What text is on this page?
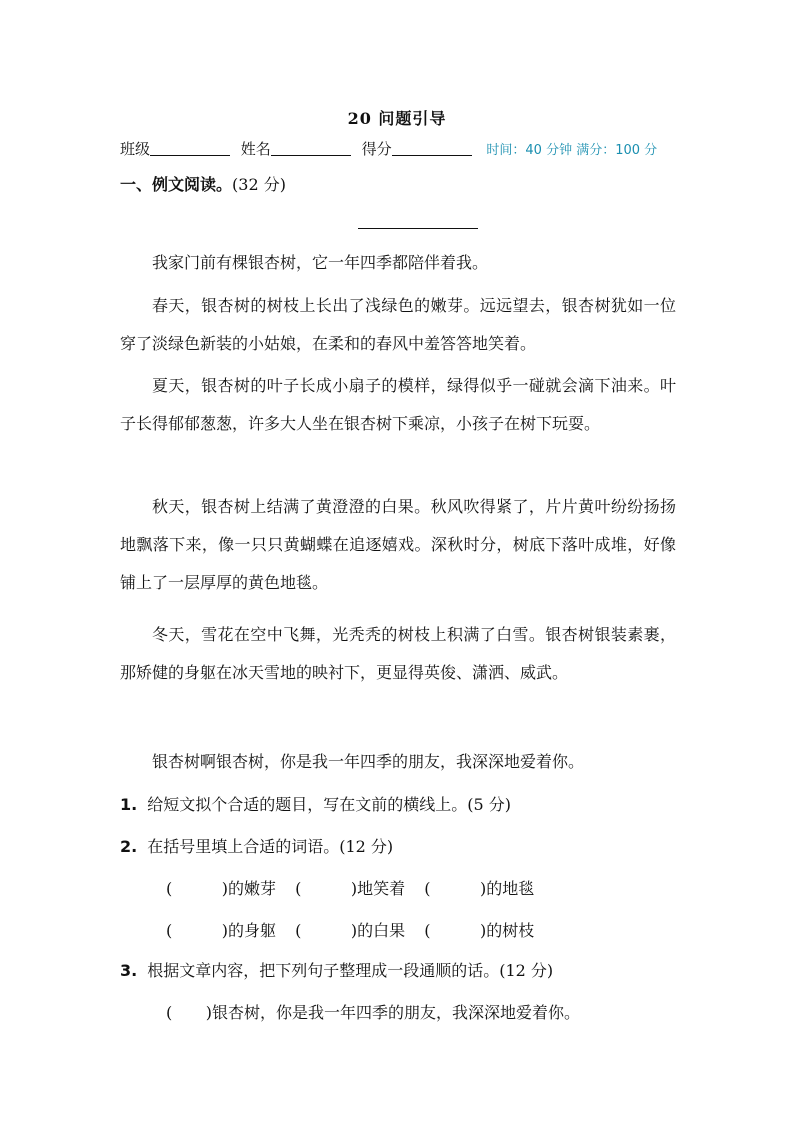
20 问题引导
班级	姓名	得分	时间：40 分钟 满分：100 分
一、例文阅读。(32 分)
我家门前有棵银杏树，它一年四季都陪伴着我。
春天，银杏树的树枝上长出了浅绿色的嫩芽。远远望去，银杏树犹如一位穿了淡绿色新装的小姑娘，在柔和的春风中羞答答地笑着。
夏天，银杏树的叶子长成小扇子的模样，绿得似乎一碰就会滴下油来。叶子长得郁郁葱葱，许多大人坐在银杏树下乘凉，小孩子在树下玩耍。
秋天，银杏树上结满了黄澄澄的白果。秋风吹得紧了，片片黄叶纷纷扬扬地飘落下来，像一只只黄蝴蝶在追逐嬉戏。深秋时分，树底下落叶成堆，好像铺上了一层厚厚的黄色地毯。
冬天，雪花在空中飞舞，光秃秃的树枝上积满了白雪。银杏树银装素裹，那矫健的身躯在冰天雪地的映衬下，更显得英俊、潇洒、威武。
银杏树啊银杏树，你是我一年四季的朋友，我深深地爱着你。
1. 给短文拟个合适的题目，写在文前的横线上。(5 分)
2. 在括号里填上合适的词语。(12 分)
(	) 的嫩芽 (	) 地笑着 (	) 的地毯
(	) 的身躯 (	) 的白果 (	) 的树枝
3. 根据文章内容，把下列句子整理成一段通顺的话。(12 分)
( ) 银杏树，你是我一年四季的朋友，我深深地爱着你。
